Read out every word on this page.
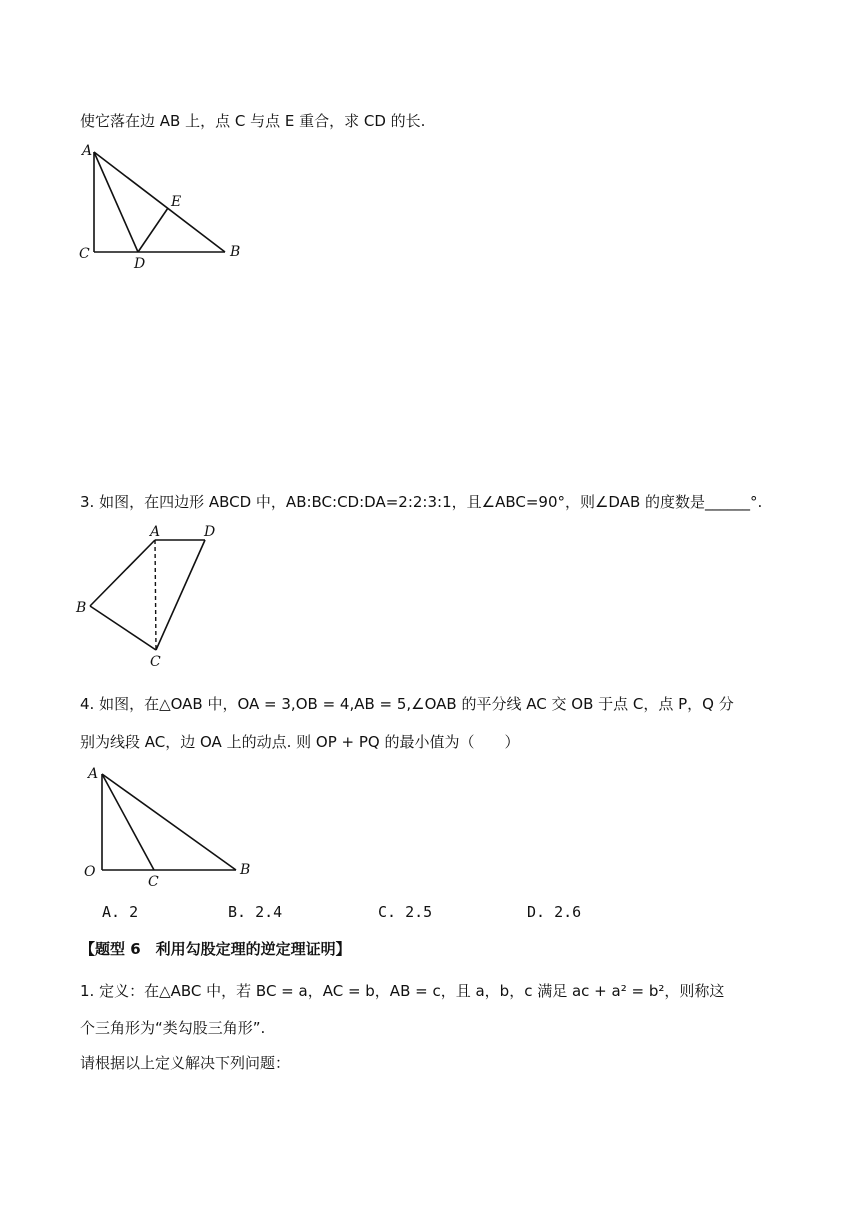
使它落在边 AB 上，点 C 与点 E 重合，求 CD 的长.
A
C
D
B
E
3. 如图，在四边形 ABCD 中，AB:BC:CD:DA=2:2:3:1，且∠ABC=90°，则∠DAB 的度数是______°.
A	D
B
C
4. 如图，在△OAB 中，OA = 3,OB = 4,AB = 5,∠OAB 的平分线 AC 交 OB 于点 C，点 P，Q 分
别为线段 AC，边 OA 上的动点. 则 OP + PQ 的最小值为（　　）
A
O
C
B
A. 2	B. 2.4	C. 2.5	D. 2.6
【题型 6　利用勾股定理的逆定理证明】
1. 定义：在△ABC 中，若 BC = a，AC = b，AB = c，且 a，b，c 满足 ac + a² = b²，则称这
个三角形为“类勾股三角形”.
请根据以上定义解决下列问题：
